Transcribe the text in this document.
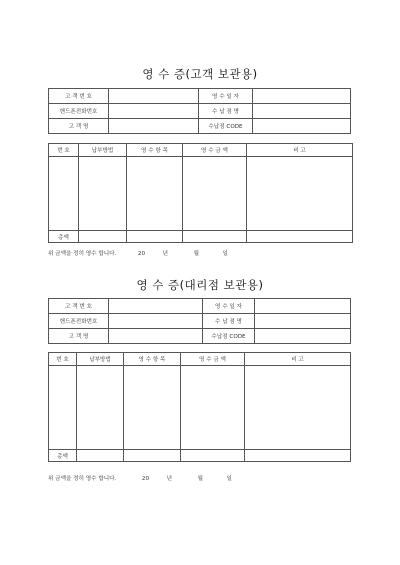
영 수 증(고객 보관용)
고 객 번 호		영 수 일 자	
핸드폰전화번호		수 납 점 명	
고 객 명		수납점 CODE	
번 호	납부방법	영 수 항 목	영 수 금 액	비 고

총액				
위 금액을 정히 영수 합니다.	20	년	월	일
영 수 증(대리점 보관용)
고 객 번 호		영 수 일 자	
핸드폰전화번호		수 납 점 명	
고 객 명		수납점 CODE	
번 호	납부방법	영 수 항 목	영 수 금 액	비 고

총액				
위 금액을 정히 영수 합니다.	20	년	월	일
